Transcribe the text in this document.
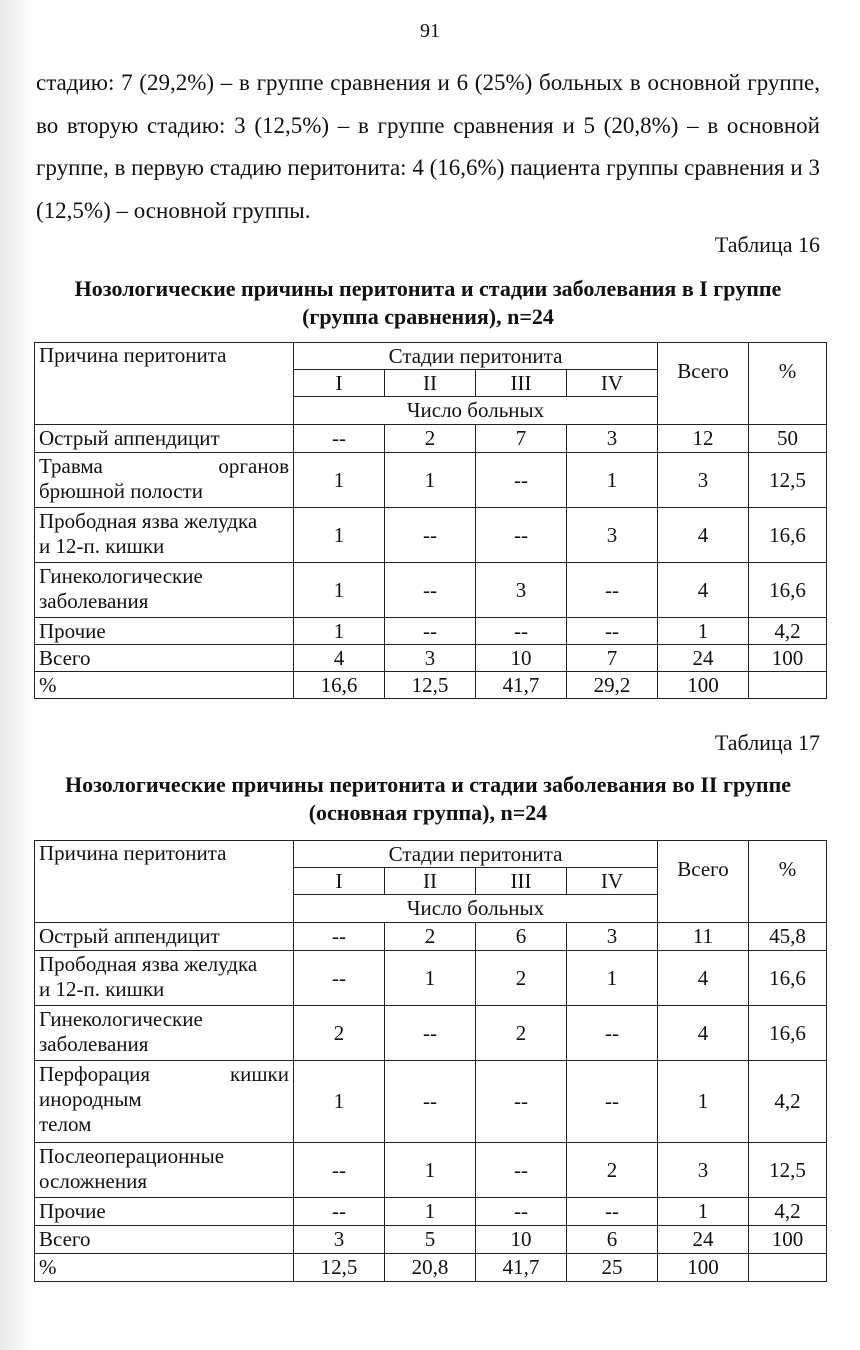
91

стадию: 7 (29,2%) – в группе сравнения и 6 (25%) больных в основной группе, во вторую стадию: 3 (12,5%) – в группе сравнения и 5 (20,8%) – в основной группе, в первую стадию перитонита: 4 (16,6%) пациента группы сравнения и 3 (12,5%) – основной группы.

Таблица 16

Нозологические причины перитонита и стадии заболевания в I группе
(группа сравнения), n=24
Причина перитонита	Стадии перитонита				Всего	%
	I	II	III	IV		
	Число больных					
Острый аппендицит	--	2	7	3	12	50

Травма органов
брюшной полости	1	1	--	1	3	12,5

Прободная язва желудка
и 12-п. кишки	1	--	--	3	4	16,6

Гинекологические
заболевания	1	--	3	--	4	16,6
Прочие	1	--	--	--	1	4,2
Всего	4	3	10	7	24	100
%	16,6	12,5	41,7	29,2	100	

Таблица 17

Нозологические причины перитонита и стадии заболевания во II группе
(основная группа), n=24
Причина перитонита	Стадии перитонита				Всего	%
	I	II	III	IV		
	Число больных					
Острый аппендицит	--	2	6	3	11	45,8

Прободная язва желудка
и 12-п. кишки	--	1	2	1	4	16,6

Гинекологические
заболевания	2	--	2	--	4	16,6

Перфорация кишки
инородным
телом	1	--	--	--	1	4,2

Послеоперационные
осложнения	--	1	--	2	3	12,5
Прочие	--	1	--	--	1	4,2
Всего	3	5	10	6	24	100
%	12,5	20,8	41,7	25	100	
